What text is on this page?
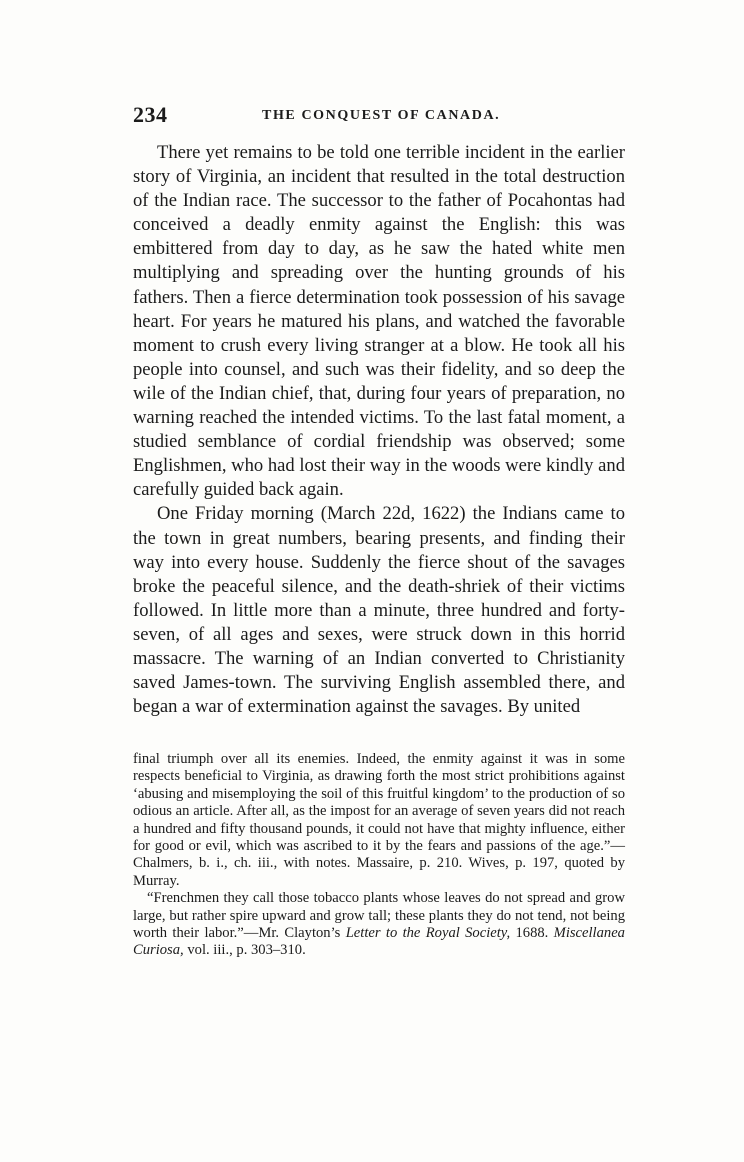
234	THE CONQUEST OF CANADA.

There yet remains to be told one terrible incident in the earlier story of Virginia, an incident that resulted in the total destruction of the Indian race. The successor to the father of Pocahontas had conceived a deadly enmity against the English: this was embittered from day to day, as he saw the hated white men multiplying and spreading over the hunting grounds of his fathers. Then a fierce determination took possession of his savage heart. For years he matured his plans, and watched the favorable moment to crush every living stranger at a blow. He took all his people into counsel, and such was their fidelity, and so deep the wile of the Indian chief, that, during four years of preparation, no warning reached the intended victims. To the last fatal moment, a studied semblance of cordial friendship was observed; some Englishmen, who had lost their way in the woods were kindly and carefully guided back again.

One Friday morning (March 22d, 1622) the Indians came to the town in great numbers, bearing presents, and finding their way into every house. Suddenly the fierce shout of the savages broke the peaceful silence, and the death-shriek of their victims followed. In little more than a minute, three hundred and forty-seven, of all ages and sexes, were struck down in this horrid massacre. The warning of an Indian converted to Christianity saved James-town. The surviving English assembled there, and began a war of extermination against the savages. By united

final triumph over all its enemies. Indeed, the enmity against it was in some respects beneficial to Virginia, as drawing forth the most strict prohibitions against ‘abusing and misemploying the soil of this fruitful kingdom’ to the production of so odious an article. After all, as the impost for an average of seven years did not reach a hundred and fifty thousand pounds, it could not have that mighty influence, either for good or evil, which was ascribed to it by the fears and passions of the age.”—Chalmers, b. i., ch. iii., with notes. Massaire, p. 210. Wives, p. 197, quoted by Murray.

“Frenchmen they call those tobacco plants whose leaves do not spread and grow large, but rather spire upward and grow tall; these plants they do not tend, not being worth their labor.”—Mr. Clayton’s Letter to the Royal Society, 1688. Miscellanea Curiosa, vol. iii., p. 303–310.
